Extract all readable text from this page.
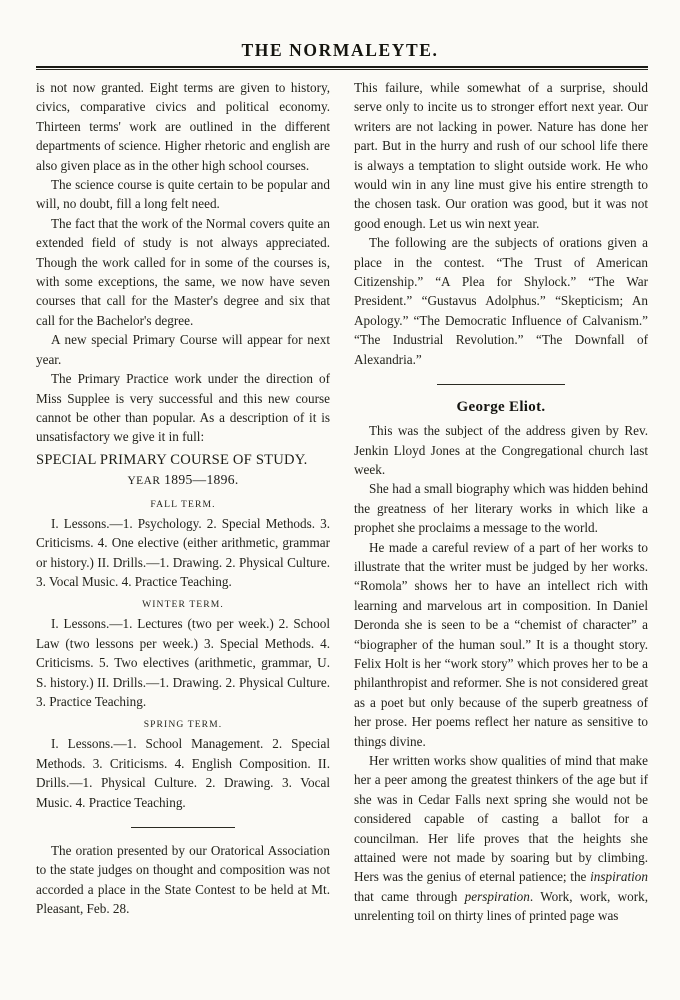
THE NORMALEYTE.

is not now granted. Eight terms are given to history, civics, comparative civics and political economy. Thirteen terms' work are outlined in the different departments of science. Higher rhetoric and english are also given place as in the other high school courses.

The science course is quite certain to be popular and will, no doubt, fill a long felt need.

The fact that the work of the Normal covers quite an extended field of study is not always appreciated. Though the work called for in some of the courses is, with some exceptions, the same, we now have seven courses that call for the Master's degree and six that call for the Bachelor's degree.

A new special Primary Course will appear for next year.

The Primary Practice work under the direction of Miss Supplee is very successful and this new course cannot be other than popular. As a description of it is unsatisfactory we give it in full:

SPECIAL PRIMARY COURSE OF STUDY.

YEAR 1895—1896.

FALL TERM.

I. Lessons.—1. Psychology. 2. Special Methods. 3. Criticisms. 4. One elective (either arithmetic, grammar or history.) II. Drills.—1. Drawing. 2. Physical Culture. 3. Vocal Music. 4. Practice Teaching.

WINTER TERM.

I. Lessons.—1. Lectures (two per week.) 2. School Law (two lessons per week.) 3. Special Methods. 4. Criticisms. 5. Two electives (arithmetic, grammar, U. S. history.) II. Drills.—1. Drawing. 2. Physical Culture. 3. Practice Teaching.

SPRING TERM.

I. Lessons.—1. School Management. 2. Special Methods. 3. Criticisms. 4. English Composition. II. Drills.—1. Physical Culture. 2. Drawing. 3. Vocal Music. 4. Practice Teaching.

The oration presented by our Oratorical Association to the state judges on thought and composition was not accorded a place in the State Contest to be held at Mt. Pleasant, Feb. 28.

This failure, while somewhat of a surprise, should serve only to incite us to stronger effort next year. Our writers are not lacking in power. Nature has done her part. But in the hurry and rush of our school life there is always a temptation to slight outside work. He who would win in any line must give his entire strength to the chosen task. Our oration was good, but it was not good enough. Let us win next year.

The following are the subjects of orations given a place in the contest. “The Trust of American Citizenship.” “A Plea for Shylock.” “The War President.” “Gustavus Adolphus.” “Skepticism; An Apology.” “The Democratic Influence of Calvanism.” “The Industrial Revolution.” “The Downfall of Alexandria.”

George Eliot.

This was the subject of the address given by Rev. Jenkin Lloyd Jones at the Congregational church last week.

She had a small biography which was hidden behind the greatness of her literary works in which like a prophet she proclaims a message to the world.

He made a careful review of a part of her works to illustrate that the writer must be judged by her works. “Romola” shows her to have an intellect rich with learning and marvelous art in composition. In Daniel Deronda she is seen to be a “chemist of character” a “biographer of the human soul.” It is a thought story. Felix Holt is her “work story” which proves her to be a philanthropist and reformer. She is not considered great as a poet but only because of the superb greatness of her prose. Her poems reflect her nature as sensitive to things divine.

Her written works show qualities of mind that make her a peer among the greatest thinkers of the age but if she was in Cedar Falls next spring she would not be considered capable of casting a ballot for a councilman. Her life proves that the heights she attained were not made by soaring but by climbing. Hers was the genius of eternal patience; the inspiration that came through perspiration. Work, work, work, unrelenting toil on thirty lines of printed page was
